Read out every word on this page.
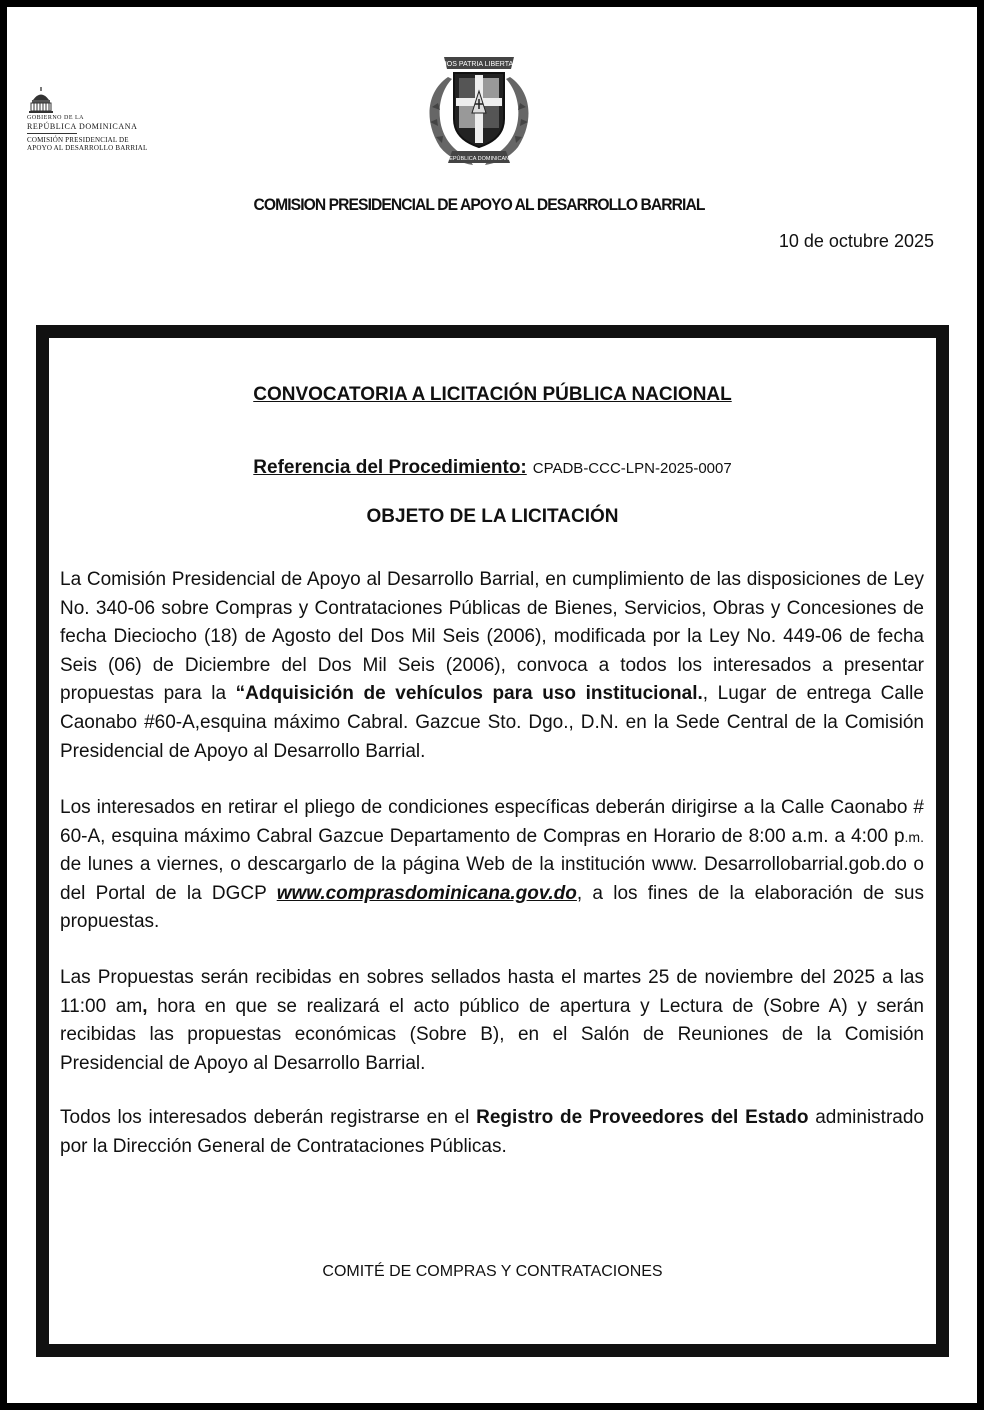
GOBIERNO DE LA
REPÚBLICA DOMINICANA
COMISIÓN PRESIDENCIAL DE
APOYO AL DESARROLLO BARRIAL
DIOS PATRIA LIBERTAD
REPÚBLICA DOMINICANA
COMISION PRESIDENCIAL DE APOYO AL DESARROLLO BARRIAL
10 de octubre 2025
CONVOCATORIA A LICITACIÓN PÚBLICA NACIONAL
Referencia del Procedimiento: CPADB-CCC-LPN-2025-0007
OBJETO DE LA LICITACIÓN

La Comisión Presidencial de Apoyo al Desarrollo Barrial, en cumplimiento de las disposiciones de Ley No. 340-06 sobre Compras y Contrataciones Públicas de Bienes, Servicios, Obras y Concesiones de fecha Dieciocho (18) de Agosto del Dos Mil Seis (2006), modificada por la Ley No. 449-06 de fecha Seis (06) de Diciembre del Dos Mil Seis (2006), convoca a todos los interesados a presentar propuestas para la “Adquisición de vehículos para uso institucional., Lugar de entrega Calle Caonabo #60-A,esquina máximo Cabral. Gazcue Sto. Dgo., D.N. en la Sede Central de la Comisión Presidencial de Apoyo al Desarrollo Barrial.

Los interesados en retirar el pliego de condiciones específicas deberán dirigirse a la Calle Caonabo # 60-A, esquina máximo Cabral Gazcue Departamento de Compras en Horario de 8:00 a.m. a 4:00 p.m. de lunes a viernes, o descargarlo de la página Web de la institución www. Desarrollobarrial.gob.do o del Portal de la DGCP www.comprasdominicana.gov.do, a los fines de la elaboración de sus propuestas.

Las Propuestas serán recibidas en sobres sellados hasta el martes 25 de noviembre del 2025 a las 11:00 am, hora en que se realizará el acto público de apertura y Lectura de (Sobre A) y serán recibidas las propuestas económicas (Sobre B), en el Salón de Reuniones de la Comisión Presidencial de Apoyo al Desarrollo Barrial.

Todos los interesados deberán registrarse en el Registro de Proveedores del Estado administrado por la Dirección General de Contrataciones Públicas.

COMITÉ DE COMPRAS Y CONTRATACIONES
